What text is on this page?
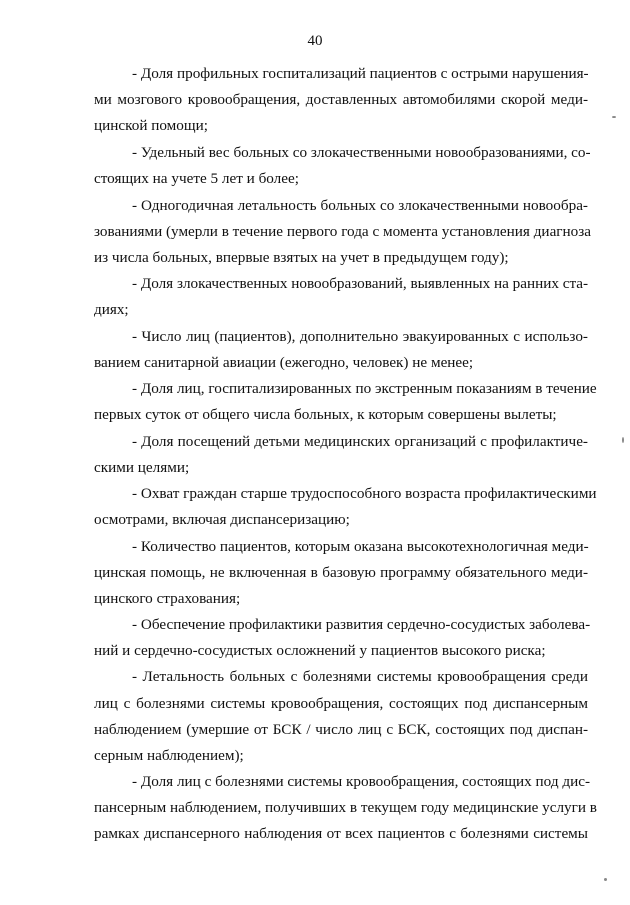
40
- Доля профильных госпитализаций пациентов с острыми нарушения-
ми мозгового кровообращения, доставленных автомобилями скорой меди-
цинской помощи;
- Удельный вес больных со злокачественными новообразованиями, со-
стоящих на учете 5 лет и более;
- Одногодичная летальность больных со злокачественными новообра-
зованиями (умерли в течение первого года с момента установления диагноза
из числа больных, впервые взятых на учет в предыдущем году);
- Доля злокачественных новообразований, выявленных на ранних ста-
диях;
- Число лиц (пациентов), дополнительно эвакуированных с использо-
ванием санитарной авиации (ежегодно, человек) не менее;
- Доля лиц, госпитализированных по экстренным показаниям в течение
первых суток от общего числа больных, к которым совершены вылеты;
- Доля посещений детьми медицинских организаций с профилактиче-
скими целями;
- Охват граждан старше трудоспособного возраста профилактическими
осмотрами, включая диспансеризацию;
- Количество пациентов, которым оказана высокотехнологичная меди-
цинская помощь, не включенная в базовую программу обязательного меди-
цинского страхования;
- Обеспечение профилактики развития сердечно-сосудистых заболева-
ний и сердечно-сосудистых осложнений у пациентов высокого риска;
- Летальность больных с болезнями системы кровообращения среди
лиц с болезнями системы кровообращения, состоящих под диспансерным
наблюдением (умершие от БСК / число лиц с БСК, состоящих под диспан-
серным наблюдением);
- Доля лиц с болезнями системы кровообращения, состоящих под дис-
пансерным наблюдением, получивших в текущем году медицинские услуги в
рамках диспансерного наблюдения от всех пациентов с болезнями системы
